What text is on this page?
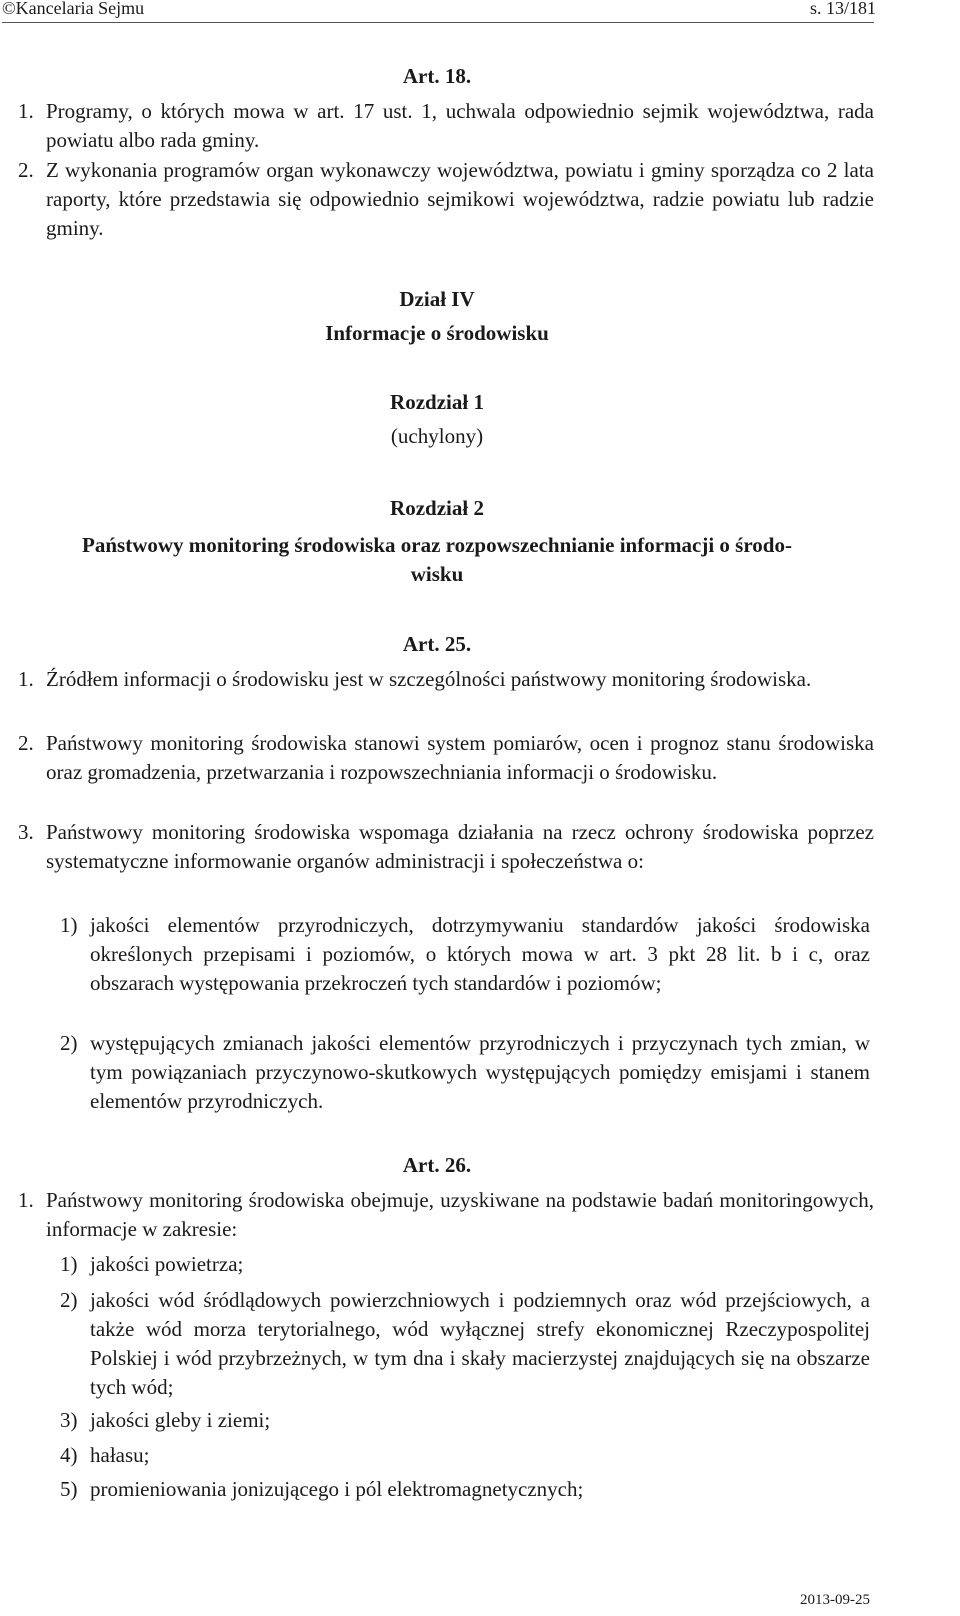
©Kancelaria Sejmu	s. 13/181
Art. 18.
1. Programy, o których mowa w art. 17 ust. 1, uchwala odpowiednio sejmik województwa, rada powiatu albo rada gminy.
2. Z wykonania programów organ wykonawczy województwa, powiatu i gminy sporządza co 2 lata raporty, które przedstawia się odpowiednio sejmikowi województwa, radzie powiatu lub radzie gminy.
Dział IV
Informacje o środowisku
Rozdział 1
(uchylony)
Rozdział 2
Państwowy monitoring środowiska oraz rozpowszechnianie informacji o środo-
wisku
Art. 25.
1. Źródłem informacji o środowisku jest w szczególności państwowy monitoring środowiska.
2. Państwowy monitoring środowiska stanowi system pomiarów, ocen i prognoz stanu środowiska oraz gromadzenia, przetwarzania i rozpowszechniania informacji o środowisku.
3. Państwowy monitoring środowiska wspomaga działania na rzecz ochrony środowiska poprzez systematyczne informowanie organów administracji i społeczeństwa o:
1) jakości elementów przyrodniczych, dotrzymywaniu standardów jakości środowiska określonych przepisami i poziomów, o których mowa w art. 3 pkt 28 lit. b i c, oraz obszarach występowania przekroczeń tych standardów i poziomów;
2) występujących zmianach jakości elementów przyrodniczych i przyczynach tych zmian, w tym powiązaniach przyczynowo-skutkowych występujących pomiędzy emisjami i stanem elementów przyrodniczych.
Art. 26.
1. Państwowy monitoring środowiska obejmuje, uzyskiwane na podstawie badań monitoringowych, informacje w zakresie:
1) jakości powietrza;
2) jakości wód śródlądowych powierzchniowych i podziemnych oraz wód przejściowych, a także wód morza terytorialnego, wód wyłącznej strefy ekonomicznej Rzeczypospolitej Polskiej i wód przybrzeżnych, w tym dna i skały macierzystej znajdujących się na obszarze tych wód;
3) jakości gleby i ziemi;
4) hałasu;
5) promieniowania jonizującego i pól elektromagnetycznych;
2013-09-25
